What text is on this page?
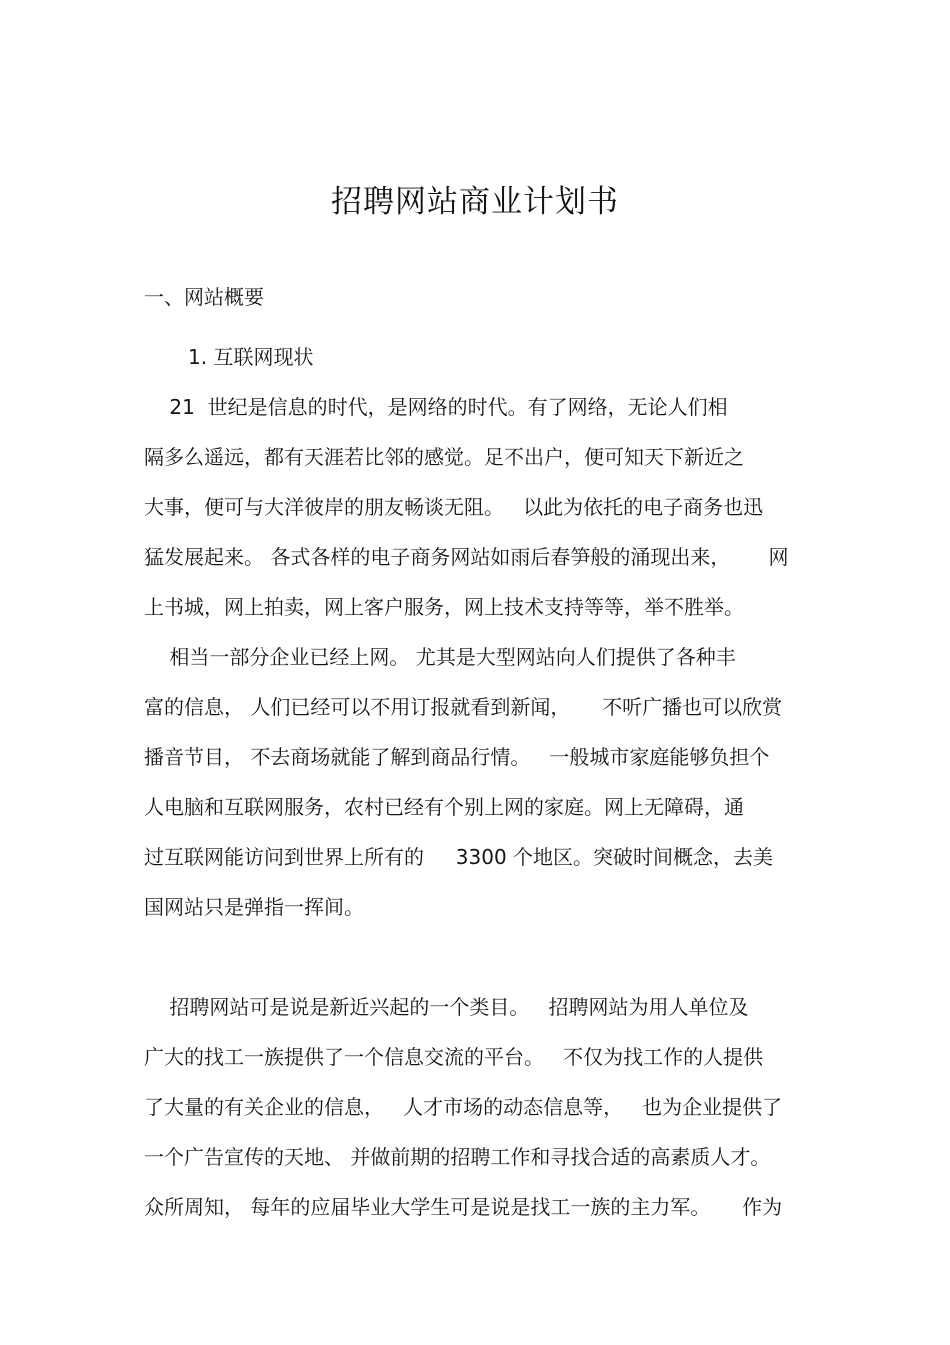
招聘网站商业计划书
一、网站概要
1. 互联网现状
21  世纪是信息的时代，是网络的时代。有了网络，无论人们相
隔多么遥远，都有天涯若比邻的感觉。足不出户，便可知天下新近之
大事，便可与大洋彼岸的朋友畅谈无阻。   以此为依托的电子商务也迅
猛发展起来。 各式各样的电子商务网站如雨后春笋般的涌现出来，      网
上书城，网上拍卖，网上客户服务，网上技术支持等等，举不胜举。
相当一部分企业已经上网。 尤其是大型网站向人们提供了各种丰
富的信息， 人们已经可以不用订报就看到新闻，     不听广播也可以欣赏
播音节目， 不去商场就能了解到商品行情。   一般城市家庭能够负担个
人电脑和互联网服务，农村已经有个别上网的家庭。网上无障碍，通
过互联网能访问到世界上所有的     3300 个地区。突破时间概念，去美
国网站只是弹指一挥间。
招聘网站可是说是新近兴起的一个类目。   招聘网站为用人单位及
广大的找工一族提供了一个信息交流的平台。   不仅为找工作的人提供
了大量的有关企业的信息，   人才市场的动态信息等，   也为企业提供了
一个广告宣传的天地、 并做前期的招聘工作和寻找合适的高素质人才。
众所周知， 每年的应届毕业大学生可是说是找工一族的主力军。     作为
